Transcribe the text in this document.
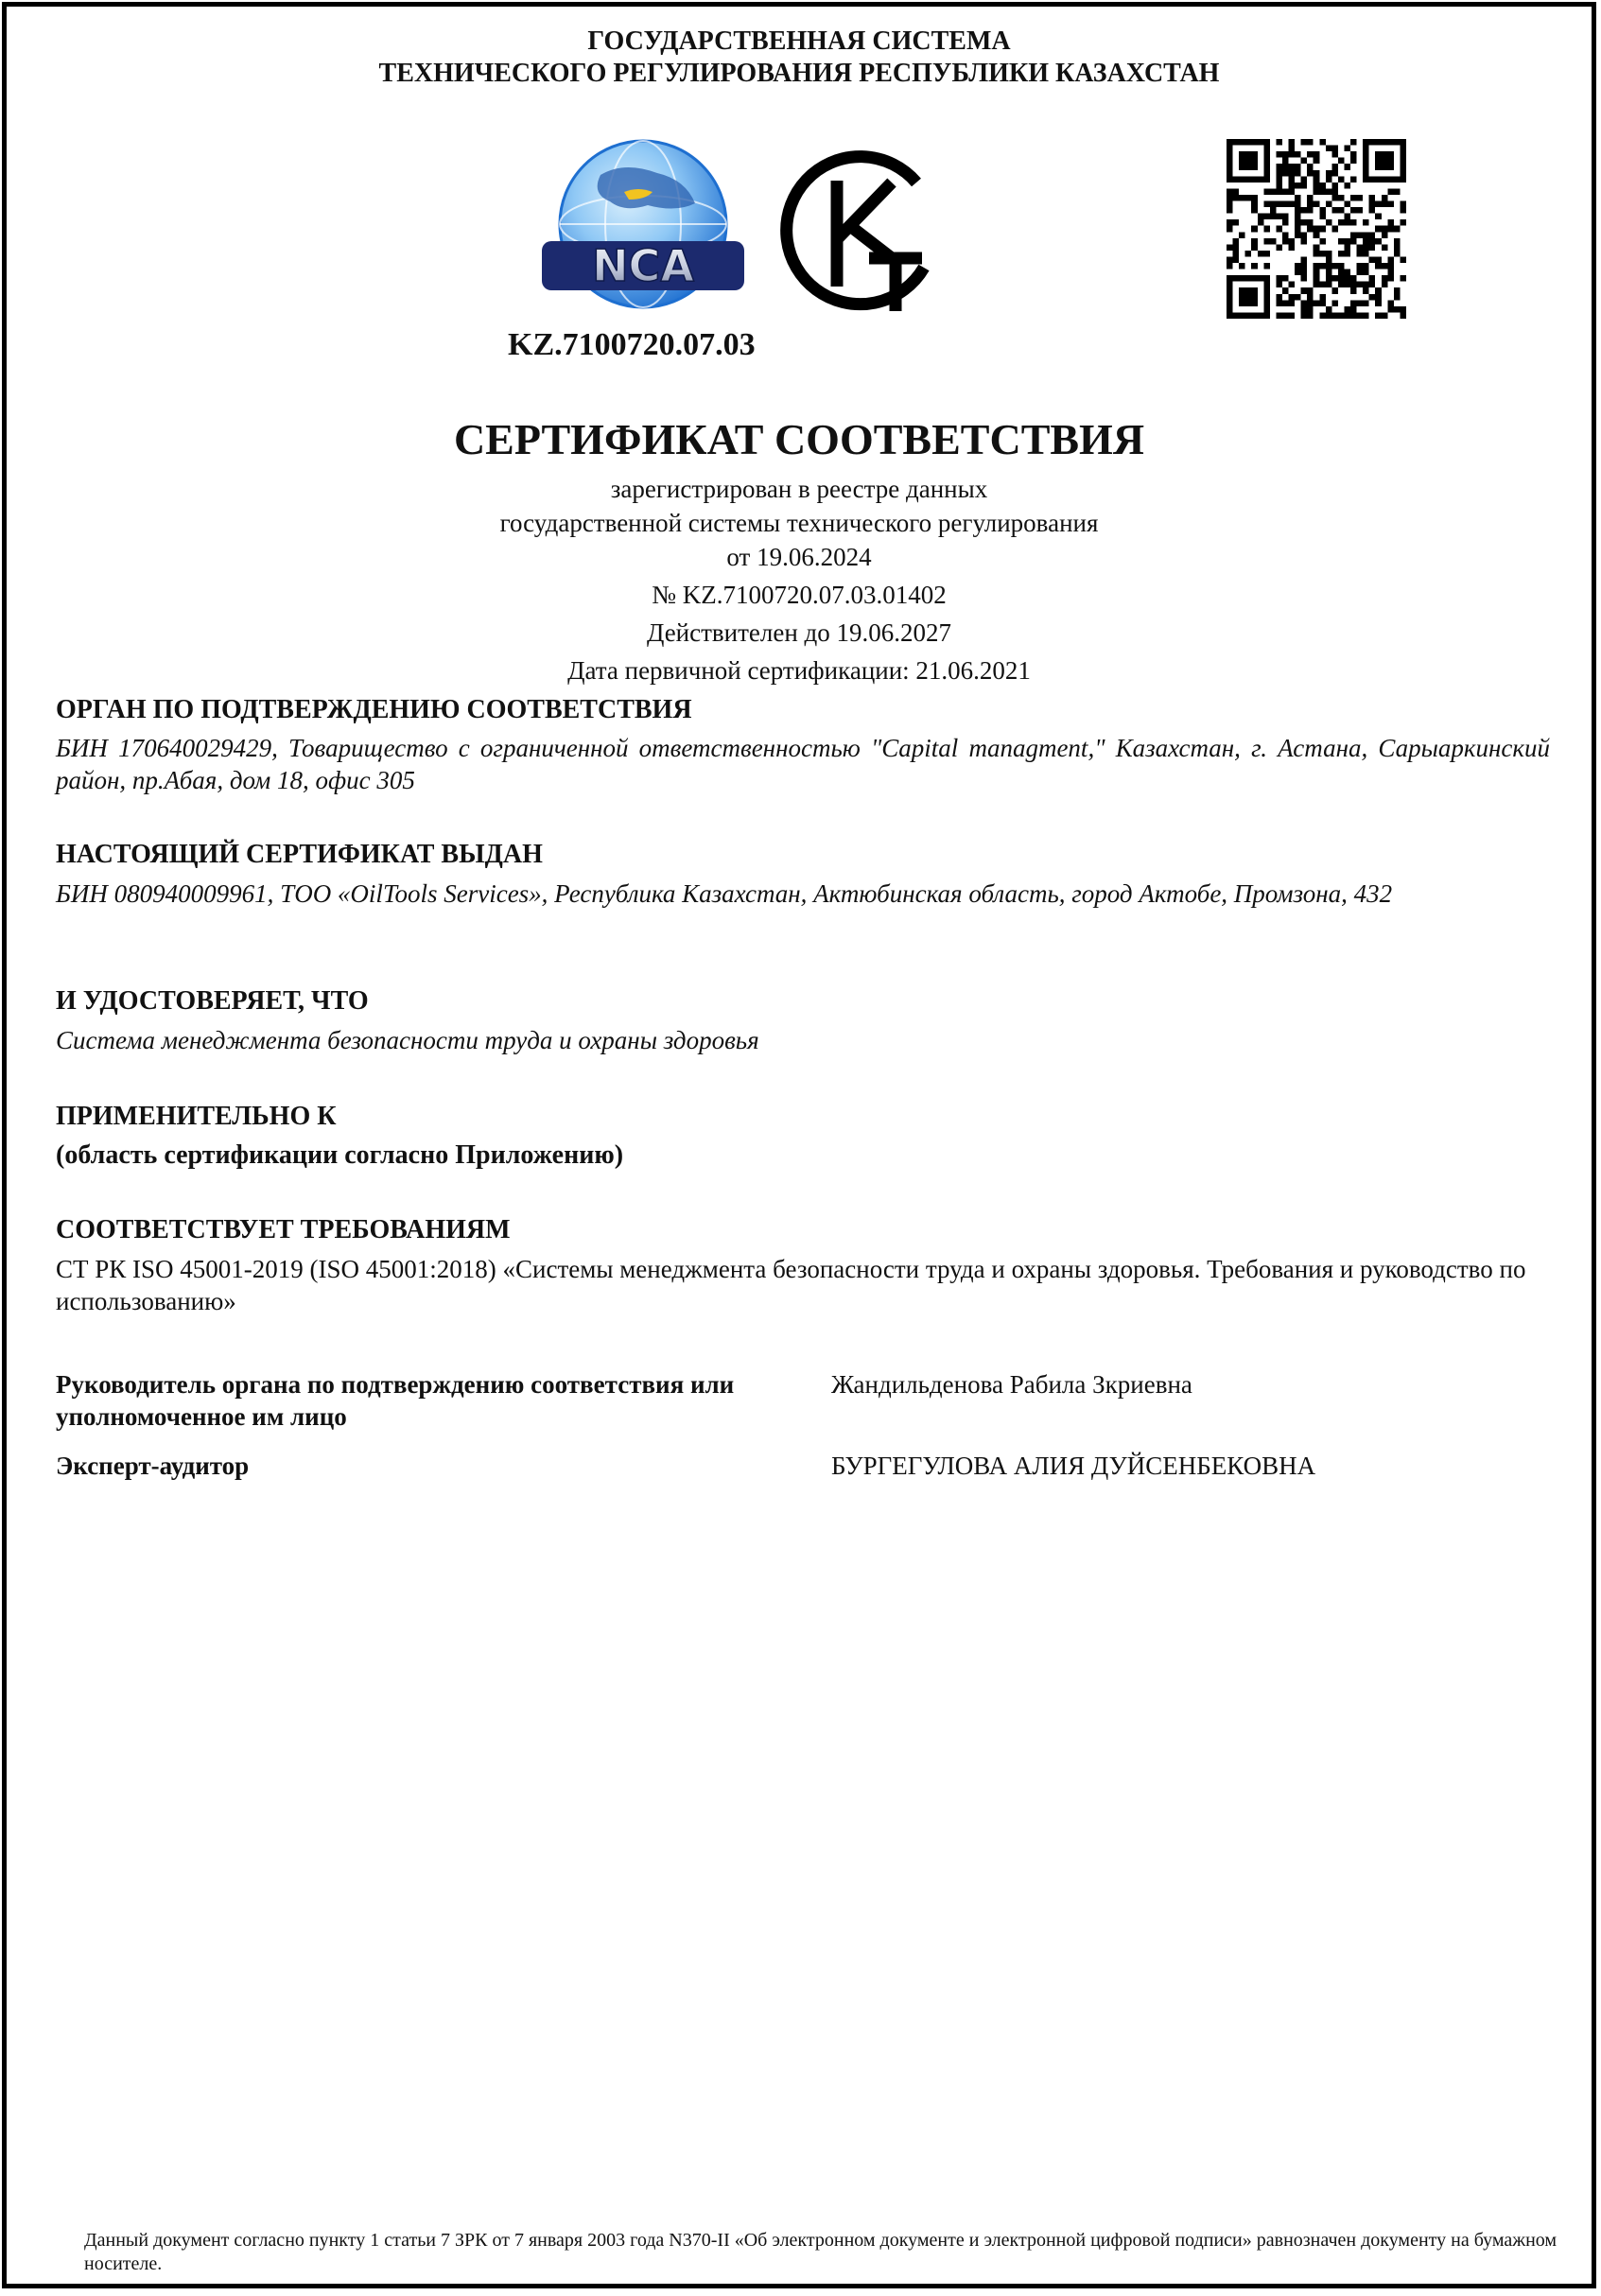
ГОСУДАРСТВЕННАЯ СИСТЕМА
ТЕХНИЧЕСКОГО РЕГУЛИРОВАНИЯ РЕСПУБЛИКИ КАЗАХСТАН
NCA
KZ.7100720.07.03
СЕРТИФИКАТ СООТВЕТСТВИЯ
зарегистрирован в реестре данных
государственной системы технического регулирования
от 19.06.2024
№ KZ.7100720.07.03.01402
Действителен до 19.06.2027
Дата первичной сертификации: 21.06.2021
ОРГАН ПО ПОДТВЕРЖДЕНИЮ СООТВЕТСТВИЯ
БИН 170640029429, Товарищество с ограниченной ответственностью "Capital managment," Казахстан, г. Астана, Сарыаркинский район, пр.Абая, дом 18, офис 305
НАСТОЯЩИЙ СЕРТИФИКАТ ВЫДАН
БИН 080940009961, ТОО «OilTools Services», Республика Казахстан, Актюбинская область, город Актобе, Промзона, 432
И УДОСТОВЕРЯЕТ, ЧТО
Система менеджмента безопасности труда и охраны здоровья
ПРИМЕНИТЕЛЬНО К
(область сертификации согласно Приложению)
СООТВЕТСТВУЕТ ТРЕБОВАНИЯМ
СТ РК ISO 45001-2019 (ISO 45001:2018) «Системы менеджмента безопасности труда и охраны здоровья. Требования и руководство по использованию»
Руководитель органа по подтверждению соответствия или уполномоченное им лицо
Жандильденова Рабила Зкриевна
Эксперт-аудитор	БУРГЕГУЛОВА АЛИЯ ДУЙСЕНБЕКОВНА
Данный документ согласно пункту 1 статьи 7 ЗРК от 7 января 2003 года N370-II «Об электронном документе и электронной цифровой подписи» равнозначен документу на бумажном носителе.
